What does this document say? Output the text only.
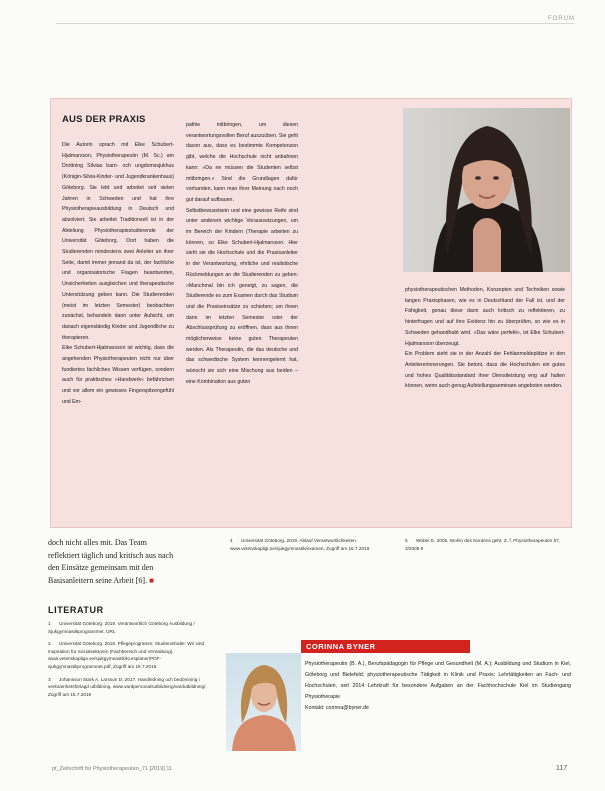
FORUM
AUS DER PRAXIS

Die Autorin sprach mit Elke Schubert-Hjalmarsson, Physiotherapeutin (M. Sc.) am Drottning Silvias barn- och ungdomssjukhus (Königin-Silvia-Kinder- und Jugendkrankenhaus) Göteborg. Sie lebt und arbeitet seit vielen Jahren in Schweden und hat ihre Physiotherapieausbildung in Deutsch und absolviert. Sie arbeitet Traditionsell ist in der Abteilung Physiotherapiestudierende der Universität Göteborg. Dort haben die Studierenden mindestens zwei Anleiter an ihrer Seite, damit immer jemand da ist, der fachliche und organisatorische Fragen beantworten, Unsicherheiten ausgleichen und therapeutische Unterstützung geben kann. Die Studierenden (meist im letzten Semester) beobachten zunächst, behandeln dann unter Aufsicht, um danach eigenständig Kinder und Jugendliche zu therapieren.

Elke Schubert-Hjalmarsson ist wichtig, dass die angehenden Physiotherapeuten nicht nur über fundiertes fachliches Wissen verfügen, sondern auch für praktisches »Handwerk« befährichen und vor allem ein gewisses Fingerspitzengefühl und Em-

pathie mitbringen, um diesen verantwortungsvollen Beruf auszuüben. Sie geht davon aus, dass es bestimmte Kompetenzen gibt, welche die Hochschule nicht anbahnen kann: »Da ne müssen die Studenten selbst mitbringen.« Sind die Grundlagen dafür vorhanden, kann man ihrer Meinung nach noch gut darauf aufbauen.

Selbstbewusstsein und eine gewisse Reife sind unter anderem wichtige Voraussetzungen, um im Bereich der Kindern (Therapie arbeiten zu können, so Elke Schubert-Hjalmarsson. Hier sieht sie die Hochschule und die Praxisanleiter in der Verantwortung, ehrliche und realistische Rückmeldungen an die Studierenden zu geben: »Manchmal bin ich geneigt, zu sagen, die Studierende es zum Examen durch das Studium und die Praxiseinsätze zu schieben; um ihnen dann im letzten Semester oder der Abschlussprüfung zu eröffnen, dass aus ihnen möglicherweise keine guten Therapeuten werden. Als Therapeutin, die das deutsche und das schwedische System kennengelernt hat, wünscht sie sich eine Mischung aus beiden – eine Kombination aus guten

physiotherapeutischen Methoden, Konzepten und Techniken sowie langen Praxisphasen, wie es in Deutschland der Fall ist, und der Fähigkeit, genau diese dann auch kritisch zu reflektieren, zu hinterfragen und auf ihre Evidenz hin zu überprüfen, so wie es in Schweden gehandhabt wird. »Das wäre perfekt«, ist Elke Schubert-Hjalmarsson überzeugt.

Ein Problem sieht sie in der Anzahl der Fehlanmeldeplätze in den Anleitererinnerungen. Sie betont, dass die Hochschulen ein gutes und hohes Qualitätsstandard ihrer Dienstleistung eng auf halten können, wenn auch genug Aufstellungsseminare angeboten werden.

doch nicht alles mit. Das Team reflektiert täglich und kritisch aus nach den Einsätze gemeinsam mit den Basisanleitern seine Arbeit [6]. ■
LITERATUR

1 Universität Göteborg. 2019. Verantwortlich Göteborg Ausbildung / Sjukgymnastikprogrammet. URL

2 Universität Göteborg. 2018. Pflegeprogramm: Studieninhalte: Wir sind Inspiration für Sozialsektoren (Fachbereich und Verwaltung). www.vetenskapliga.se/sjukgymnastik/Kursplaner/PDF-sjukgymnastikprogrammet.pdf, Zugriff am 16.7.2019

3 Johansson Stark A, Larsson D. 2017. Handledning och bedömning i verksamhetsförlagd utbildning. www.vardpersonalsutbildning/vardutbildning/, Zugriff am 16.7.2019

4 Universität Göteborg. 2019. Ablauf Verantwortlichkeiten. www.vetenskapligt.se/sjukgymnastik/examen, Zugriff am 16.7.2019

5 Weber E. 2005. Wohin des Nordens geht. Z. f. Physiotherapeuten 57, 3/2005 9

CORINNA BYNER
Physiotherapeutin (B. A.), Berufspädagogin für Pflege und Gesundheit (M. A.); Ausbildung und Studium in Kiel, Göteborg und Bielefeld; physiotherapeutische Tätigkeit in Klinik und Praxis; Lehrtätigkeiten an Fach- und Hochschulen, seit 2014 Lehrkraft für besondere Aufgaben an der Fachhochschule Kiel im Studiengang Physiotherapie
Kontakt: corinna@byner.de
pt_Zeitschrift für Physiotherapeuten_71 [2019] 11	117
